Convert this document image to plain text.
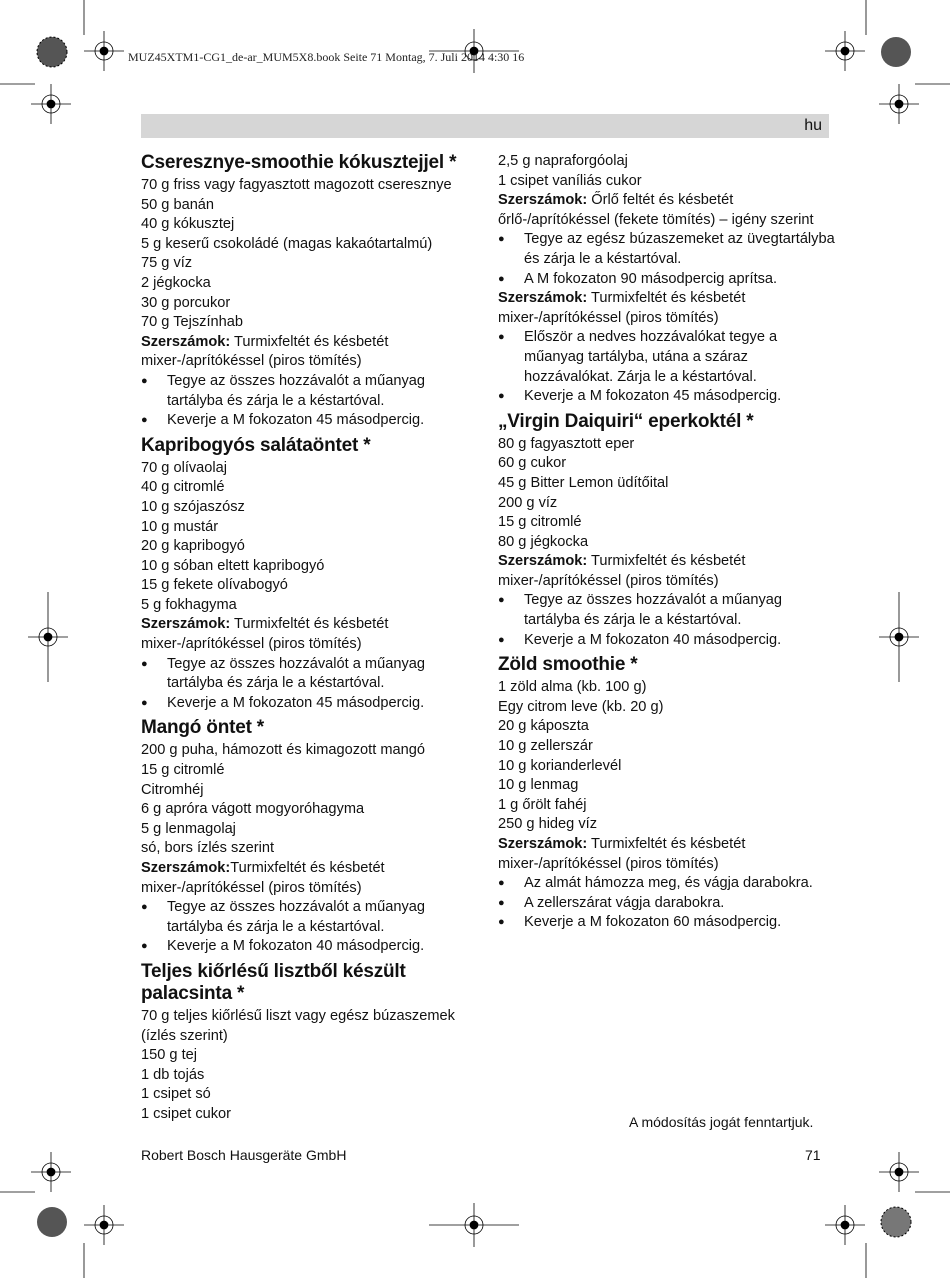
MUZ45XTM1-CG1_de-ar_MUM5X8.book Seite 71 Montag, 7. Juli 2014 4:30 16
hu
Cseresznye-smoothie kókusztejjel *
70 g friss vagy fagyasztott magozott cseresznye
50 g banán
40 g kókusztej
5 g keserű csokoládé (magas kakaótartalmú)
75 g víz
2 jégkocka
30 g porcukor
70 g Tejszínhab
Szerszámok: Turmixfeltét és késbetét mixer-/aprítókéssel (piros tömítés)
● Tegye az összes hozzávalót a műanyag tartályba és zárja le a késtartóval.
● Keverje a M fokozaton 45 másodpercig.
Kapribogyós salátaöntet *
70 g olívaolaj
40 g citromlé
10 g szójaszósz
10 g mustár
20 g kapribogyó
10 g sóban eltett kapribogyó
15 g fekete olívabogyó
5 g fokhagyma
Szerszámok: Turmixfeltét és késbetét mixer-/aprítókéssel (piros tömítés)
● Tegye az összes hozzávalót a műanyag tartályba és zárja le a késtartóval.
● Keverje a M fokozaton 45 másodpercig.
Mangó öntet *
200 g puha, hámozott és kimagozott mangó
15 g citromlé
Citromhéj
6 g apróra vágott mogyoróhagyma
5 g lenmagolaj
só, bors ízlés szerint
Szerszámok:Turmixfeltét és késbetét mixer-/aprítókéssel (piros tömítés)
● Tegye az összes hozzávalót a műanyag tartályba és zárja le a késtartóval.
● Keverje a M fokozaton 40 másodpercig.
Teljes kiőrlésű lisztből készült palacsinta *
70 g teljes kiőrlésű liszt vagy egész búzaszemek (ízlés szerint)
150 g tej
1 db tojás
1 csipet só
1 csipet cukor
2,5 g napraforgóolaj
1 csipet vaníliás cukor
Szerszámok: Őrlő feltét és késbetét őrlő-/aprítókéssel (fekete tömítés) – igény szerint
● Tegye az egész búzaszemeket az üvegtartályba és zárja le a késtartóval.
● A M fokozaton 90 másodpercig aprítsa.
Szerszámok: Turmixfeltét és késbetét mixer-/aprítókéssel (piros tömítés)
● Először a nedves hozzávalókat tegye a műanyag tartályba, utána a száraz hozzávalókat. Zárja le a késtartóval.
● Keverje a M fokozaton 45 másodpercig.
„Virgin Daiquiri“ eperkoktél *
80 g fagyasztott eper
60 g cukor
45 g Bitter Lemon üdítőital
200 g víz
15 g citromlé
80 g jégkocka
Szerszámok: Turmixfeltét és késbetét mixer-/aprítókéssel (piros tömítés)
● Tegye az összes hozzávalót a műanyag tartályba és zárja le a késtartóval.
● Keverje a M fokozaton 40 másodpercig.
Zöld smoothie *
1 zöld alma (kb. 100 g)
Egy citrom leve (kb. 20 g)
20 g káposzta
10 g zellerszár
10 g korianderlevél
10 g lenmag
1 g őrölt fahéj
250 g hideg víz
Szerszámok: Turmixfeltét és késbetét mixer-/aprítókéssel (piros tömítés)
● Az almát hámozza meg, és vágja darabokra.
● A zellerszárat vágja darabokra.
● Keverje a M fokozaton 60 másodpercig.
A módosítás jogát fenntartjuk.
Robert Bosch Hausgeräte GmbH	71
